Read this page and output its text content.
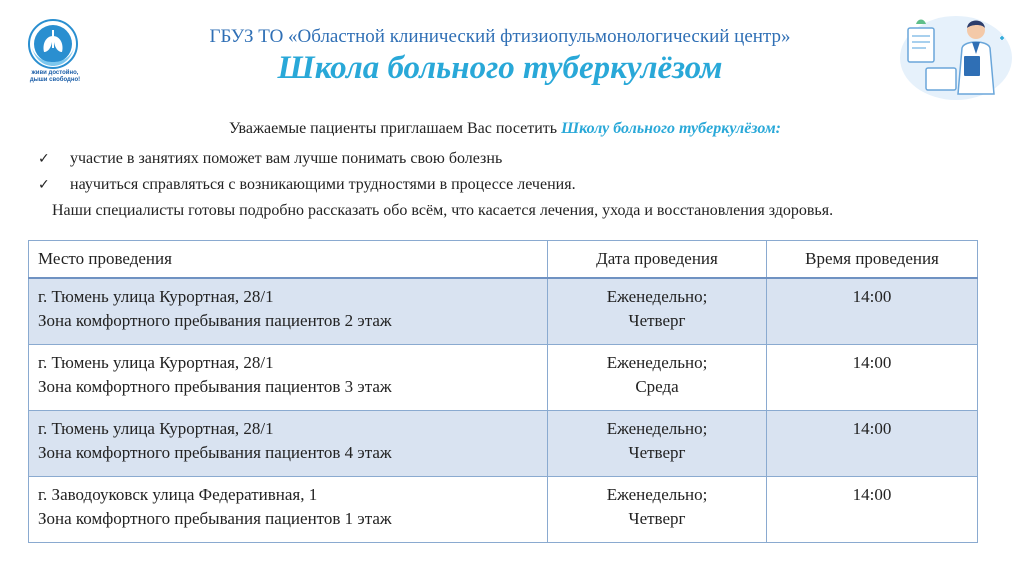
живи достойно,
дыши свободно!
ГБУЗ ТО «Областной клинический фтизиопульмонологический центр»
Школа больного туберкулёзом
Уважаемые пациенты приглашаем Вас посетить Школу больного туберкулёзом:
✓	участие в занятиях поможет вам лучше понимать свою болезнь
✓	научиться справляться с возникающими трудностями в процессе лечения.
Наши специалисты готовы подробно рассказать обо всём, что касается лечения, ухода и восстановления здоровья.
Место проведения	Дата проведения	Время проведения

г. Тюмень улица Курортная, 28/1
Зона комфортного пребывания пациентов 2 этаж	Еженедельно;
Четверг	14:00

г. Тюмень улица Курортная, 28/1
Зона комфортного пребывания пациентов 3 этаж	Еженедельно;
Среда	14:00

г. Тюмень улица Курортная, 28/1
Зона комфортного пребывания пациентов 4 этаж	Еженедельно;
Четверг	14:00

г. Заводоуковск улица Федеративная, 1
Зона комфортного пребывания пациентов 1 этаж	Еженедельно;
Четверг	14:00
